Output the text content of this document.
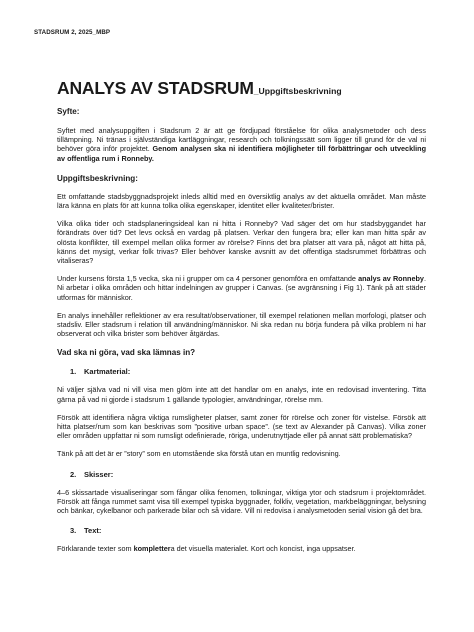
STADSRUM 2, 2025_MBP
ANALYS AV STADSRUM_Uppgiftsbeskrivning
Syfte:

Syftet med analysuppgiften i Stadsrum 2 är att ge fördjupad förståelse för olika analysmetoder och dess tillämpning. Ni tränas i självständiga kartläggningar, research och tolkningssätt som ligger till grund för de val ni behöver göra inför projektet. Genom analysen ska ni identifiera möjligheter till förbättringar och utveckling av offentliga rum i Ronneby.

Uppgiftsbeskrivning:

Ett omfattande stadsbyggnadsprojekt inleds alltid med en översiktlig analys av det aktuella området. Man måste lära känna en plats för att kunna tolka olika egenskaper, identitet eller kvaliteter/brister.

Vilka olika tider och stadsplaneringsideal kan ni hitta i Ronneby? Vad säger det om hur stadsbyggandet har förändrats över tid? Det levs också en vardag på platsen. Verkar den fungera bra; eller kan man hitta spår av olösta konflikter, till exempel mellan olika former av rörelse? Finns det bra platser att vara på, något att hitta på, känns det mysigt, verkar folk trivas? Eller behöver kanske avsnitt av det offentliga stadsrummet förbättras och vitaliseras?

Under kursens första 1,5 vecka, ska ni i grupper om ca 4 personer genomföra en omfattande analys av Ronneby. Ni arbetar i olika områden och hittar indelningen av grupper i Canvas. (se avgränsning i Fig 1). Tänk på att städer utformas för människor.

En analys innehåller reflektioner av era resultat/observationer, till exempel relationen mellan morfologi, platser och stadsliv. Eller stadsrum i relation till användning/människor. Ni ska redan nu börja fundera på vilka problem ni har observerat och vilka brister som behöver åtgärdas.

Vad ska ni göra, vad ska lämnas in?
1. Kartmaterial:

Ni väljer själva vad ni vill visa men glöm inte att det handlar om en analys, inte en redovisad inventering. Titta gärna på vad ni gjorde i stadsrum 1 gällande typologier, användningar, rörelse mm.

Försök att identifiera några viktiga rumsligheter platser, samt zoner för rörelse och zoner för vistelse. Försök att hitta platser/rum som kan beskrivas som ”positive urban space”. (se text av Alexander på Canvas). Vilka zoner eller områden uppfattar ni som rumsligt odefinierade, röriga, underutnyttjade eller på annat sätt problematiska?

Tänk på att det är er ”story” som en utomstående ska förstå utan en muntlig redovisning.

2. Skisser:

4–6 skissartade visualiseringar som fångar olika fenomen, tolkningar, viktiga ytor och stadsrum i projektområdet. Försök att fånga rummet samt visa till exempel typiska byggnader, folkliv, vegetation, markbeläggningar, belysning och bänkar, cykelbanor och parkerade bilar och så vidare. Vill ni redovisa i analysmetoden serial vision gå det bra.

3. Text:

Förklarande texter som komplettera det visuella materialet. Kort och koncist, inga uppsatser.
